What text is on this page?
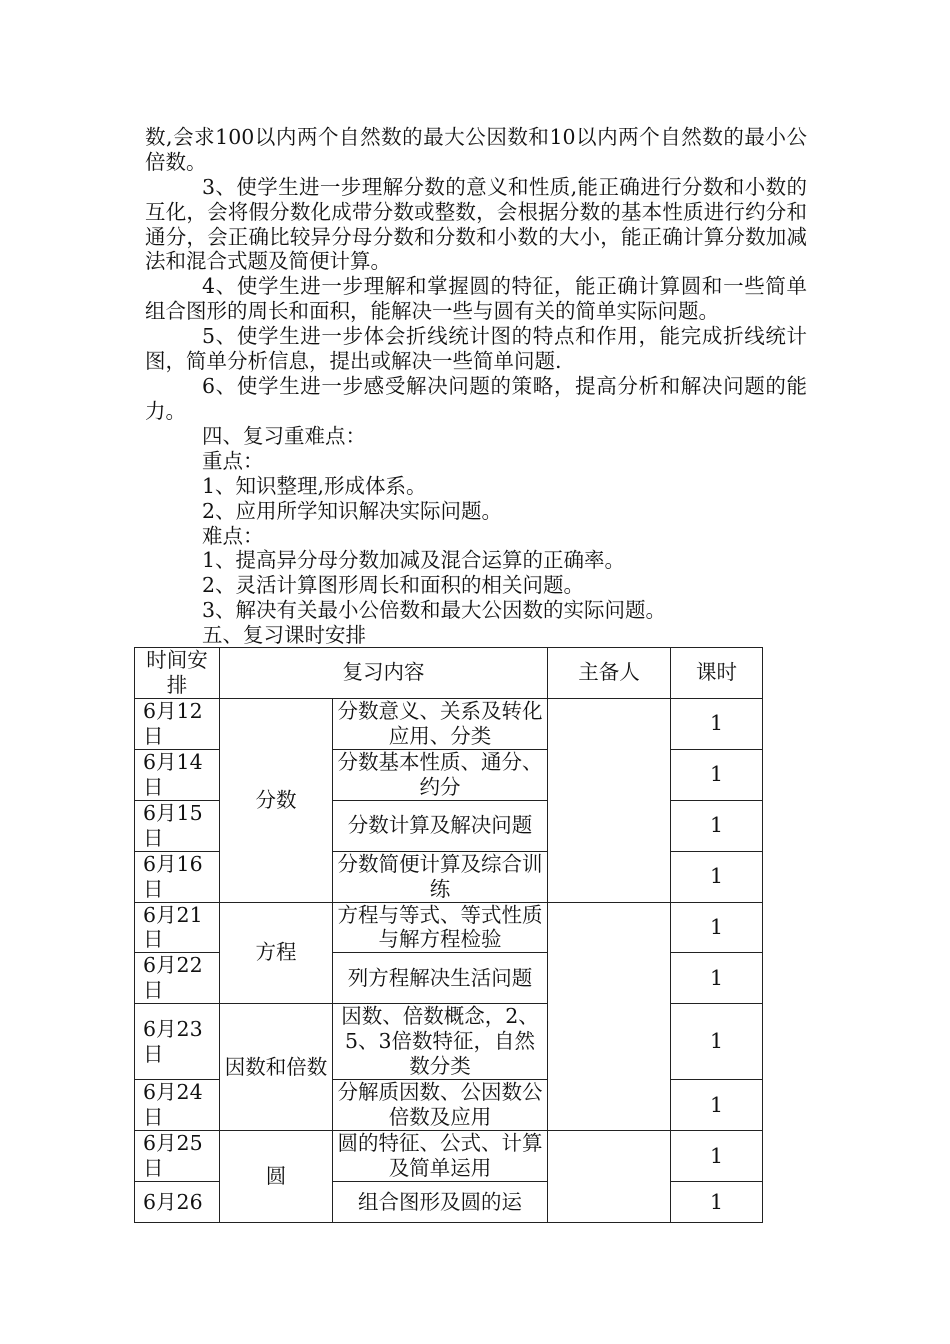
数,会求100以内两个自然数的最大公因数和10以内两个自然数的最小公倍数。

3、使学生进一步理解分数的意义和性质,能正确进行分数和小数的互化，会将假分数化成带分数或整数，会根据分数的基本性质进行约分和通分，会正确比较异分母分数和分数和小数的大小，能正确计算分数加减法和混合式题及简便计算。

4、使学生进一步理解和掌握圆的特征，能正确计算圆和一些简单组合图形的周长和面积，能解决一些与圆有关的简单实际问题。

5、使学生进一步体会折线统计图的特点和作用，能完成折线统计图，简单分析信息，提出或解决一些简单问题.

6、使学生进一步感受解决问题的策略，提高分析和解决问题的能力。

四、复习重难点：

重点：

1、知识整理,形成体系。

2、应用所学知识解决实际问题。

难点：

1、提高异分母分数加减及混合运算的正确率。

2、灵活计算图形周长和面积的相关问题。

3、解决有关最小公倍数和最大公因数的实际问题。

五、复习课时安排

时间安排	复习内容		主备人	课时
6月12日	分数	分数意义、关系及转化应用、分类		1
6月14日		分数基本性质、通分、约分		1
6月15日		分数计算及解决问题		1
6月16日		分数简便计算及综合训练		1
6月21日	方程	方程与等式、等式性质与解方程检验		1
6月22日		列方程解决生活问题		1
6月23日	因数和倍数	因数、倍数概念，2、5、3倍数特征，自然数分类		1
6月24日		分解质因数、公因数公倍数及应用		1
6月25日	圆	圆的特征、公式、计算及简单运用		1
6月26		组合图形及圆的运		1
